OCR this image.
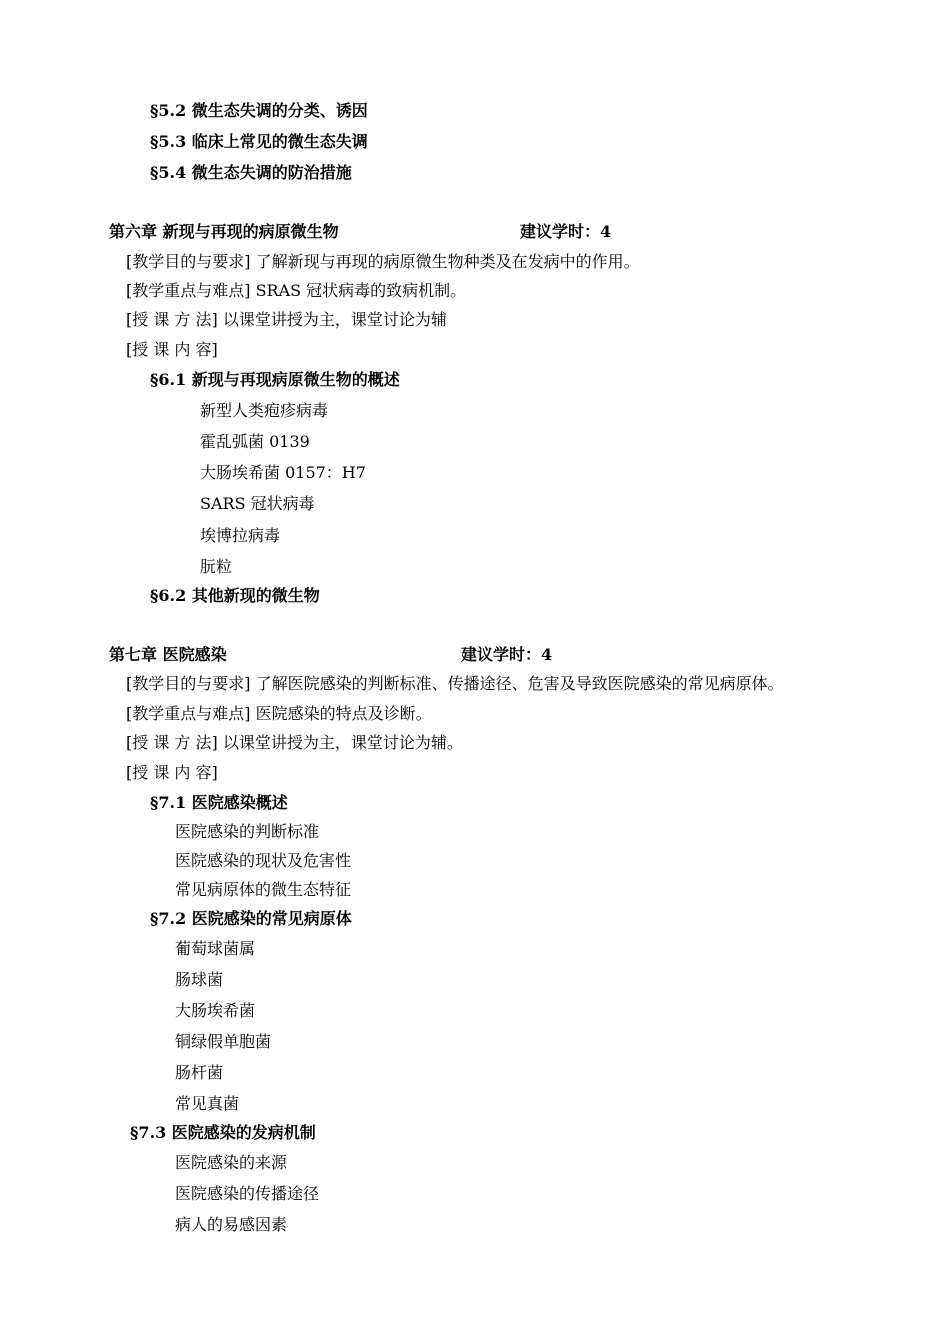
§5.2 微生态失调的分类、诱因
§5.3 临床上常见的微生态失调
§5.4 微生态失调的防治措施
第六章 新现与再现的病原微生物	建议学时：4
[教学目的与要求] 了解新现与再现的病原微生物种类及在发病中的作用。
[教学重点与难点] SRAS 冠状病毒的致病机制。
[授 课 方 法] 以课堂讲授为主，课堂讨论为辅
[授 课 内 容]
§6.1 新现与再现病原微生物的概述
新型人类疱疹病毒
霍乱弧菌 0139
大肠埃希菌 0157：H7
SARS 冠状病毒
埃博拉病毒
朊粒
§6.2 其他新现的微生物
第七章 医院感染	建议学时：4
[教学目的与要求] 了解医院感染的判断标准、传播途径、危害及导致医院感染的常见病原体。
[教学重点与难点] 医院感染的特点及诊断。
[授 课 方 法] 以课堂讲授为主，课堂讨论为辅。
[授 课 内 容]
§7.1 医院感染概述
医院感染的判断标准
医院感染的现状及危害性
常见病原体的微生态特征
§7.2 医院感染的常见病原体
葡萄球菌属
肠球菌
大肠埃希菌
铜绿假单胞菌
肠杆菌
常见真菌
§7.3 医院感染的发病机制
医院感染的来源
医院感染的传播途径
病人的易感因素
